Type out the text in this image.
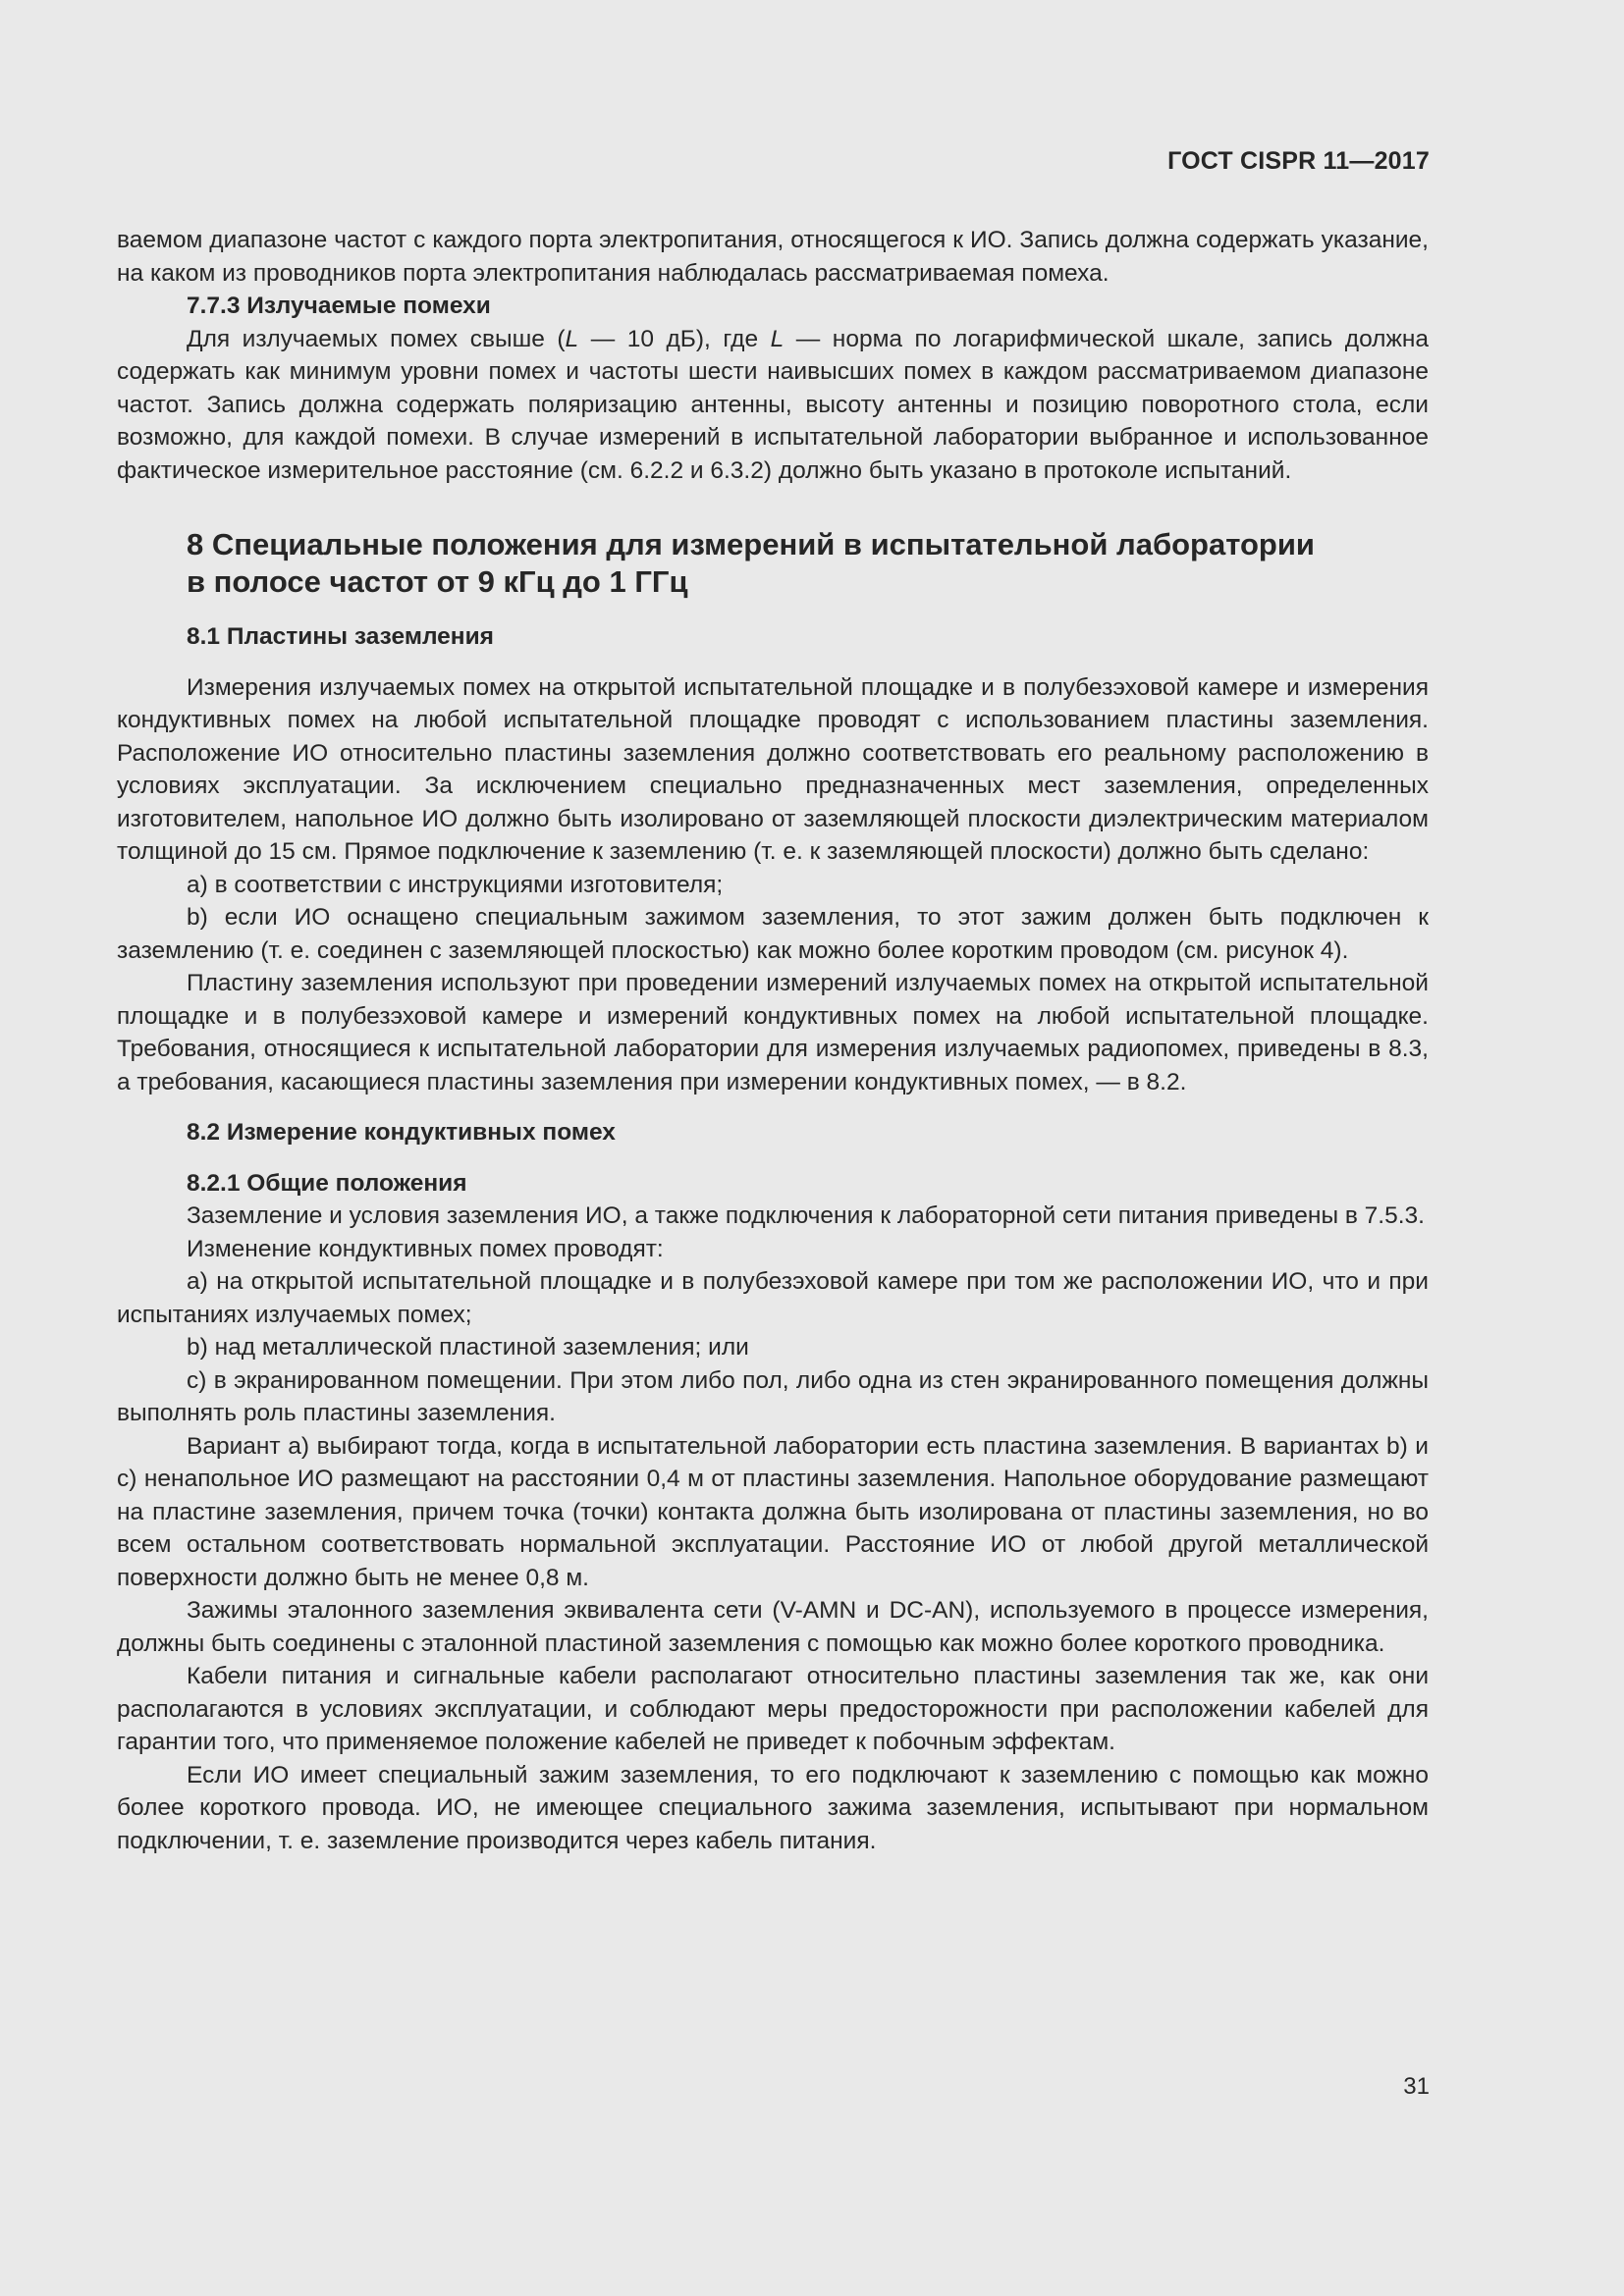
ГОСТ CISPR 11—2017

ваемом диапазоне частот с каждого порта электропитания, относящегося к ИО. Запись должна содержать указание, на каком из проводников порта электропитания наблюдалась рассматриваемая помеха.

7.7.3 Излучаемые помехи

Для излучаемых помех свыше (L — 10 дБ), где L — норма по логарифмической шкале, запись должна содержать как минимум уровни помех и частоты шести наивысших помех в каждом рассматриваемом диапазоне частот. Запись должна содержать поляризацию антенны, высоту антенны и позицию поворотного стола, если возможно, для каждой помехи. В случае измерений в испытательной лаборатории выбранное и использованное фактическое измерительное расстояние (см. 6.2.2 и 6.3.2) должно быть указано в протоколе испытаний.

8 Специальные положения для измерений в испытательной лаборатории
в полосе частот от 9 кГц до 1 ГГц

8.1 Пластины заземления

Измерения излучаемых помех на открытой испытательной площадке и в полубезэховой камере и измерения кондуктивных помех на любой испытательной площадке проводят с использованием пластины заземления. Расположение ИО относительно пластины заземления должно соответствовать его реальному расположению в условиях эксплуатации. За исключением специально предназначенных мест заземления, определенных изготовителем, напольное ИО должно быть изолировано от заземляющей плоскости диэлектрическим материалом толщиной до 15 см. Прямое подключение к заземлению (т. е. к заземляющей плоскости) должно быть сделано:

a) в соответствии с инструкциями изготовителя;

b) если ИО оснащено специальным зажимом заземления, то этот зажим должен быть подключен к заземлению (т. е. соединен с заземляющей плоскостью) как можно более коротким проводом (см. рисунок 4).

Пластину заземления используют при проведении измерений излучаемых помех на открытой испытательной площадке и в полубезэховой камере и измерений кондуктивных помех на любой испытательной площадке. Требования, относящиеся к испытательной лаборатории для измерения излучаемых радиопомех, приведены в 8.3, а требования, касающиеся пластины заземления при измерении кондуктивных помех, — в 8.2.

8.2 Измерение кондуктивных помех

8.2.1 Общие положения

Заземление и условия заземления ИО, а также подключения к лабораторной сети питания приведены в 7.5.3.

Изменение кондуктивных помех проводят:

a) на открытой испытательной площадке и в полубезэховой камере при том же расположении ИО, что и при испытаниях излучаемых помех;

b) над металлической пластиной заземления; или

c) в экранированном помещении. При этом либо пол, либо одна из стен экранированного помещения должны выполнять роль пластины заземления.

Вариант а) выбирают тогда, когда в испытательной лаборатории есть пластина заземления. В вариантах b) и c) ненапольное ИО размещают на расстоянии 0,4 м от пластины заземления. Напольное оборудование размещают на пластине заземления, причем точка (точки) контакта должна быть изолирована от пластины заземления, но во всем остальном соответствовать нормальной эксплуатации. Расстояние ИО от любой другой металлической поверхности должно быть не менее 0,8 м.

Зажимы эталонного заземления эквивалента сети (V-AMN и DC-AN), используемого в процессе измерения, должны быть соединены с эталонной пластиной заземления с помощью как можно более короткого проводника.

Кабели питания и сигнальные кабели располагают относительно пластины заземления так же, как они располагаются в условиях эксплуатации, и соблюдают меры предосторожности при расположении кабелей для гарантии того, что применяемое положение кабелей не приведет к побочным эффектам.

Если ИО имеет специальный зажим заземления, то его подключают к заземлению с помощью как можно более короткого провода. ИО, не имеющее специального зажима заземления, испытывают при нормальном подключении, т. е. заземление производится через кабель питания.

31
